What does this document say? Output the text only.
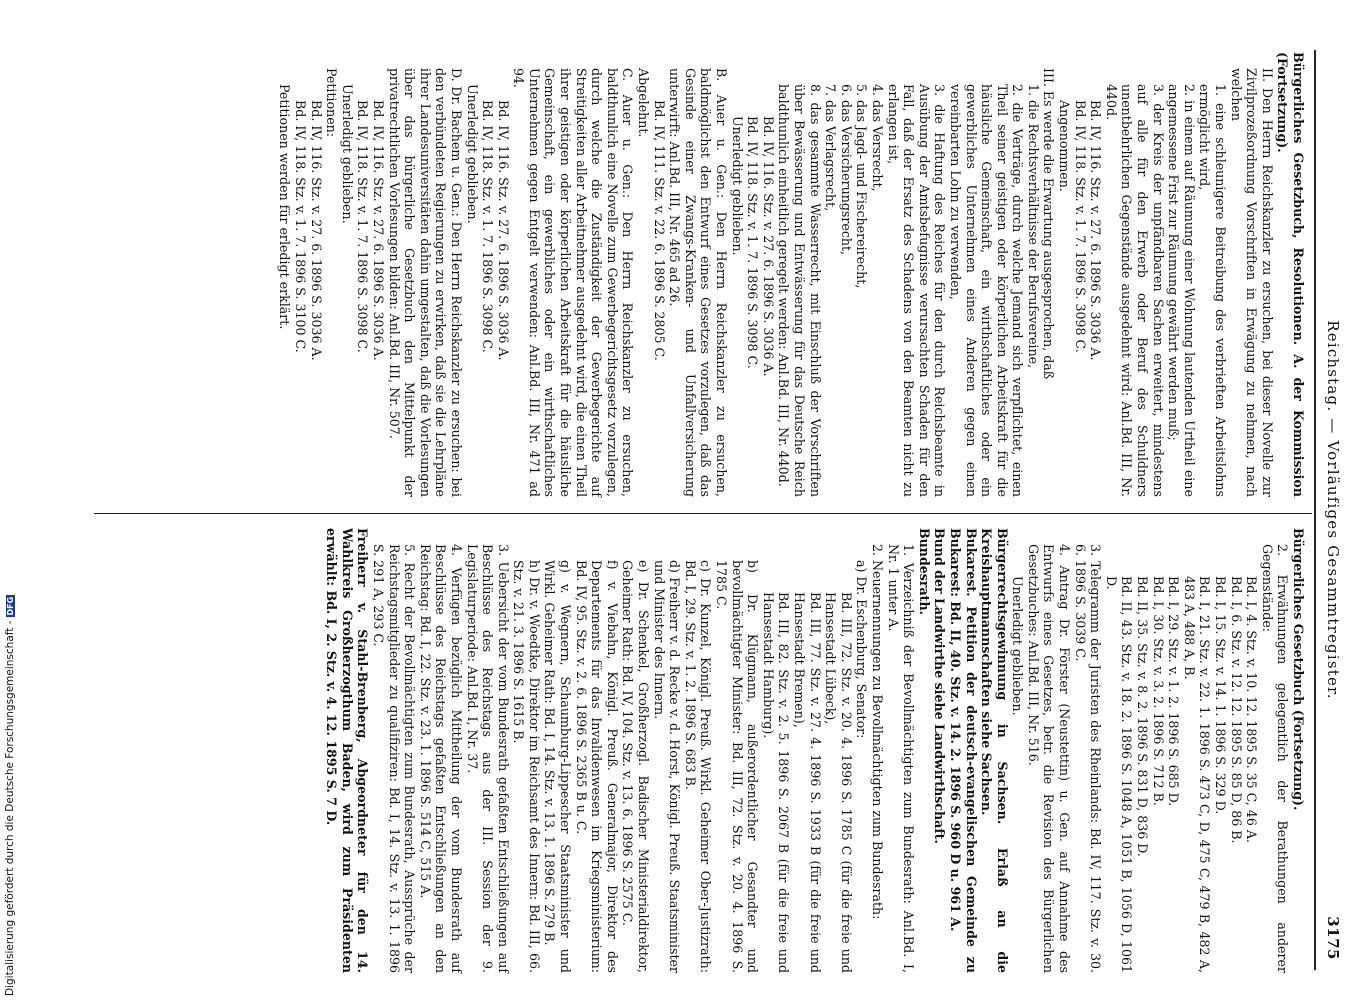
Reichstag. — Vorläufiges Gesammtregister.
3175

Bürgerliches Gesetzbuch, Resolutionen. A. der Kommission (Fortsetzung).

II. Den Herrn Reichskanzler zu ersuchen, bei dieser Novelle zur Zivilprozeßordnung Vorschriften in Erwägung zu nehmen, nach welchen

1. eine schleunigere Beitreibung des verbrieften Arbeitslohns ermöglicht wird,

2. in einem auf Räumung einer Wohnung lautenden Urtheil eine angemessene Frist zur Räumung gewährt werden muß;

3. der Kreis der unpfändbaren Sachen erweitert, mindestens auf alle für den Erwerb oder Beruf des Schuldners unentbehrlichen Gegenstände ausgedehnt wird: Anl.Bd. III, Nr. 440d.

Bd. IV, 116. Stz. v. 27. 6. 1896 S. 3036 A.

Bd. IV, 118. Stz. v. 1. 7. 1896 S. 3098 C.

Angenommen.

III. Es werde die Erwartung ausgesprochen, daß

1. die Rechtsverhältnisse der Berufsvereine,

2. die Verträge, durch welche Jemand sich verpflichtet, einen Theil seiner geistigen oder körperlichen Arbeitskraft für die häusliche Gemeinschaft, ein wirthschaftliches oder ein gewerbliches Unternehmen eines Anderen gegen einen vereinbarten Lohn zu verwenden,

3. die Haftung des Reiches für den durch Reichsbeamte in Ausübung der Amtsbefugnisse verursachten Schaden für den Fall, daß der Ersatz des Schadens von den Beamten nicht zu erlangen ist,

4. das Versrecht,

5. das Jagd- und Fischereirecht,

6. das Versicherungsrecht,

7. das Verlagsrecht,

8. das gesammte Wasserrecht, mit Einschluß der Vorschriften über Bewässerung und Entwässerung für das Deutsche Reich baldthunlich einheitlich geregelt werden: Anl.Bd. III, Nr. 440d.

Bd. IV, 116. Stz. v. 27. 6. 1896 S. 3036 A.

Bd. IV, 118. Stz. v. 1. 7. 1896 S. 3098 C.

Unerledigt geblieben.

B. Auer u. Gen.: Den Herrn Reichskanzler zu ersuchen, baldmöglichst den Entwurf eines Gesetzes vorzulegen, daß das Gesinde einer Zwangs-Kranken- und Unfallversicherung unterwirft: Anl.Bd. III, Nr. 465 ad 26.

Bd. IV, 111. Stz. v. 22. 6. 1896 S. 2805 C.

Abgelehnt.

C. Auer u. Gen.: Den Herrn Reichskanzler zu ersuchen, baldthunlich eine Novelle zum Gewerbegerichtsgesetz vorzulegen, durch welche die Zuständigkeit der Gewerbegerichte auf Streitigkeiten aller Arbeitnehmer ausgedehnt wird, die einen Theil ihrer geistigen oder körperlichen Arbeitskraft für die häusliche Gemeinschaft, ein gewerbliches oder ein wirthschaftliches Unternehmen gegen Entgelt verwenden: Anl.Bd. III, Nr. 471 ad 94.

Bd. IV, 116. Stz. v. 27. 6. 1896 S. 3036 A.

Bd. IV, 118. Stz. v. 1. 7. 1896 S. 3098 C.

Unerledigt geblieben.

D. Dr. Bachem u. Gen.: Den Herrn Reichskanzler zu ersuchen: bei den verbündeten Regierungen zu erwirken, daß sie die Lehrpläne ihrer Landesuniversitäten dahin umgestalten, daß die Vorlesungen über das bürgerliche Gesetzbuch den Mittelpunkt der privatrechtlichen Vorlesungen bilden: Anl.Bd. III, Nr. 507.

Bd. IV, 116. Stz. v. 27. 6. 1896 S. 3036 A.

Bd. IV, 118. Stz. v. 1. 7. 1896 S. 3098 C.

Unerledigt geblieben.

Petitionen:

Bd. IV, 116. Stz. v. 27. 6. 1896 S. 3036 A.

Bd. IV, 118. Stz. v. 1. 7. 1896 S. 3100 C.

Petitionen werden für erledigt erklärt.

Bürgerliches Gesetzbuch (Fortsetzung).

2. Erwähnungen gelegentlich der Berathungen anderer Gegenstände:

Bd. I, 4. Stz. v. 10. 12. 1895 S. 35 C, 46 A.

Bd. I, 6. Stz. v. 12. 12. 1895 S. 85 D, 86 B.

Bd. I, 15. Stz. v. 14. 1. 1896 S. 329 D.

Bd. I, 21. Stz. v. 22. 1. 1896 S. 473 C, D, 475 C, 479 B, 482 A, 483 A, 488 A, B.

Bd. I, 29. Stz. v. 1. 2. 1896 S. 685 D.

Bd. I, 30. Stz. v. 3. 2. 1896 S. 712 B.

Bd. II, 35. Stz. v. 8. 2. 1896 S. 831 D, 836 D.

Bd. II, 43. Stz. v. 18. 2. 1896 S. 1048 A, 1051 B, 1056 D, 1061 D.

3. Telegramm der Juristen des Rheinlands: Bd. IV, 117. Stz. v. 30. 6. 1896 S. 3039 C.

4. Antrag Dr. Förster (Neustettin) u. Gen. auf Annahme des Entwurfs eines Gesetzes, betr. die Revision des Bürgerlichen Gesetzbuches: Anl.Bd. III, Nr. 516.

Unerledigt geblieben.

Bürgerrechtsgewinnung in Sachsen. Erlaß an die Kreishauptmannschaften siehe Sachsen.

Bukarest. Petition der deutsch-evangelischen Gemeinde zu Bukarest: Bd. II, 40. Stz. v. 14. 2. 1896 S. 960 D u. 961 A.

Bund der Landwirthe siehe Landwirthschaft.

Bundesrath.

1. Verzeichniß der Bevollmächtigten zum Bundesrath: Anl.Bd. I, Nr. 1 unter A.

2. Neuernennungen zu Bevollmächtigten zum Bundesrath:

a) Dr. Eschenburg, Senator:

Bd. III, 72. Stz. v. 20. 4. 1896 S. 1785 C (für die freie und Hansestadt Lübeck),

Bd. III, 77. Stz. v. 27. 4. 1896 S. 1933 B (für die freie und Hansestadt Bremen),

Bd. III, 82. Stz. v. 2. 5. 1896 S. 2067 B (für die freie und Hansestadt Hamburg).

b) Dr. Klügmann, außerordentlicher Gesandter und bevollmächtigter Minister: Bd. III, 72. Stz. v. 20. 4. 1896 S. 1785 C.

c) Dr. Kunzel, Königl. Preuß. Wirkl. Geheimer Ober-Justizrath: Bd. I, 29. Stz. v. 1. 2. 1896 S. 683 B.

d) Freiherr v. d. Recke v. d. Horst, Königl. Preuß. Staatsminister und Minister des Innern.

e) Dr. Schenkel, Großherzogl. Badischer Ministerialdirektor, Geheimer Rath: Bd. IV, 104. Stz. v. 13. 6. 1896 S. 2575 C.

f) v. Viebahn, Königl. Preuß. Generalmajor, Direktor des Departements für das Invalidenwesen im Kriegsministerium: Bd. IV, 95. Stz. v. 2. 6. 1896 S. 2365 B u. C.

g) v. Wegnern, Schaumburg-Lippescher Staatsminister und Wirkl. Geheimer Rath: Bd. I, 14. Stz. v. 13. 1. 1896 S. 279 B.

h) Dr. v. Woedtke, Direktor im Reichsamt des Innern: Bd. III, 66. Stz. v. 21. 3. 1896 S. 1615 B.

3. Uebersicht der vom Bundesrath gefaßten Entschließungen auf Beschlüsse des Reichstags aus der III. Session der 9. Legislaturperiode: Anl.Bd. I, Nr. 37.

4. Verfügen bezüglich Mittheilung der vom Bundesrath auf Beschlüsse des Reichstags gefaßten Entschließungen an den Reichstag: Bd. I, 22. Stz. v. 23. 1. 1896 S. 514 C, 515 A.

5. Recht der Bevollmächtigten zum Bundesrath, Aussprüche der Reichstagsmitglieder zu qualifiziren: Bd. I, 14. Stz. v. 13. 1. 1896 S. 291 A, 293 C.

Freiherr v. Stahl-Brenberg, Abgeordneter für den 14. Wahlkreis Großherzogthum Baden, wird zum Präsidenten erwählt: Bd. I, 2. Stz. v. 4. 12. 1895 S. 7 D.

Digitalisierung gefördert durch die Deutsche Forschungsgemeinschaft -DFG
